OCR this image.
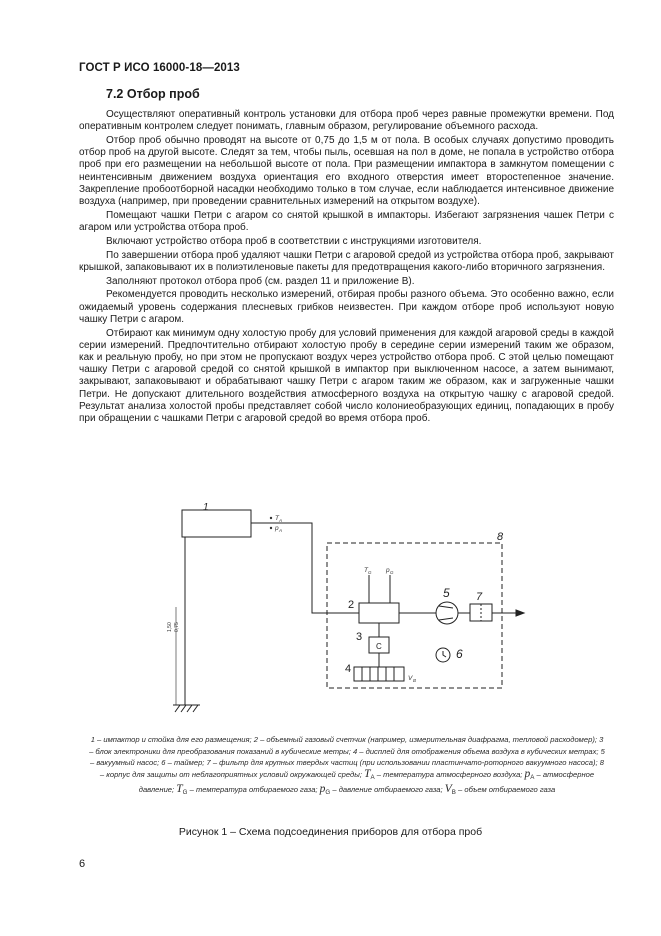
ГОСТ Р ИСО 16000-18—2013
7.2 Отбор проб

Осуществляют оперативный контроль установки для отбора проб через равные промежутки времени. Под оперативным контролем следует понимать, главным образом, регулирование объемного расхода.

Отбор проб обычно проводят на высоте от 0,75 до 1,5 м от пола. В особых случаях допустимо проводить отбор проб на другой высоте. Следят за тем, чтобы пыль, осевшая на пол в доме, не попала в устройство отбора проб при его размещении на небольшой высоте от пола. При размещении импактора в замкнутом помещении с неинтенсивным движением воздуха ориентация его входного отверстия имеет второстепенное значение. Закрепление пробоотборной насадки необходимо только в том случае, если наблюдается интенсивное движение воздуха (например, при проведении сравнительных измерений на открытом воздухе).

Помещают чашки Петри с агаром со снятой крышкой в импакторы. Избегают загрязнения чашек Петри с агаром или устройства отбора проб.

Включают устройство отбора проб в соответствии с инструкциями изготовителя.

По завершении отбора проб удаляют чашки Петри с агаровой средой из устройства отбора проб, закрывают крышкой, запаковывают их в полиэтиленовые пакеты для предотвращения какого-либо вторичного загрязнения.

Заполняют протокол отбора проб (см. раздел 11 и приложение В).

Рекомендуется проводить несколько измерений, отбирая пробы разного объема. Это особенно важно, если ожидаемый уровень содержания плесневых грибков неизвестен. При каждом отборе проб используют новую чашку Петри с агаром.

Отбирают как минимум одну холостую пробу для условий применения для каждой агаровой среды в каждой серии измерений. Предпочтительно отбирают холостую пробу в середине серии измерений таким же образом, как и реальную пробу, но при этом не пропускают воздух через устройство отбора проб. С этой целью помещают чашку Петри с агаровой средой со снятой крышкой в импактор при выключенном насосе, а затем вынимают, закрывают, запаковывают и обрабатывают чашку Петри с агаром таким же образом, как и загруженные чашки Петри. Не допускают длительного воздействия атмосферного воздуха на открытую чашку с агаровой средой. Результат анализа холостой пробы представляет собой число колониеобразующих единиц, попадающих в пробу при обращении с чашками Петри с агаровой средой во время отбора проб.

1
2
3
4
5
6
7
8
C
T A
p A
T G p G
V B
1,50 0,75
1 – импактор и стойка для его размещения; 2 – объемный газовый счетчик (например, измерительная диафрагма, тепловой расходомер); 3 – блок электроники для преобразования показаний в кубические метры; 4 – дисплей для отображения объема воздуха в кубических метрах; 5 – вакуумный насос; 6 – таймер; 7 – фильтр для крупных твердых частиц (при использовании пластинчато-роторного вакуумного насоса); 8 – корпус для защиты от неблагоприятных условий окружающей среды; $T_A$ – температура атмосферного воздуха; $p_A$ – атмосферное давление; $T_G$ – температура отбираемого газа; $p_G$ – давление отбираемого газа; $V_B$ – объем отбираемого газа
Рисунок 1 – Схема подсоединения приборов для отбора проб
6
